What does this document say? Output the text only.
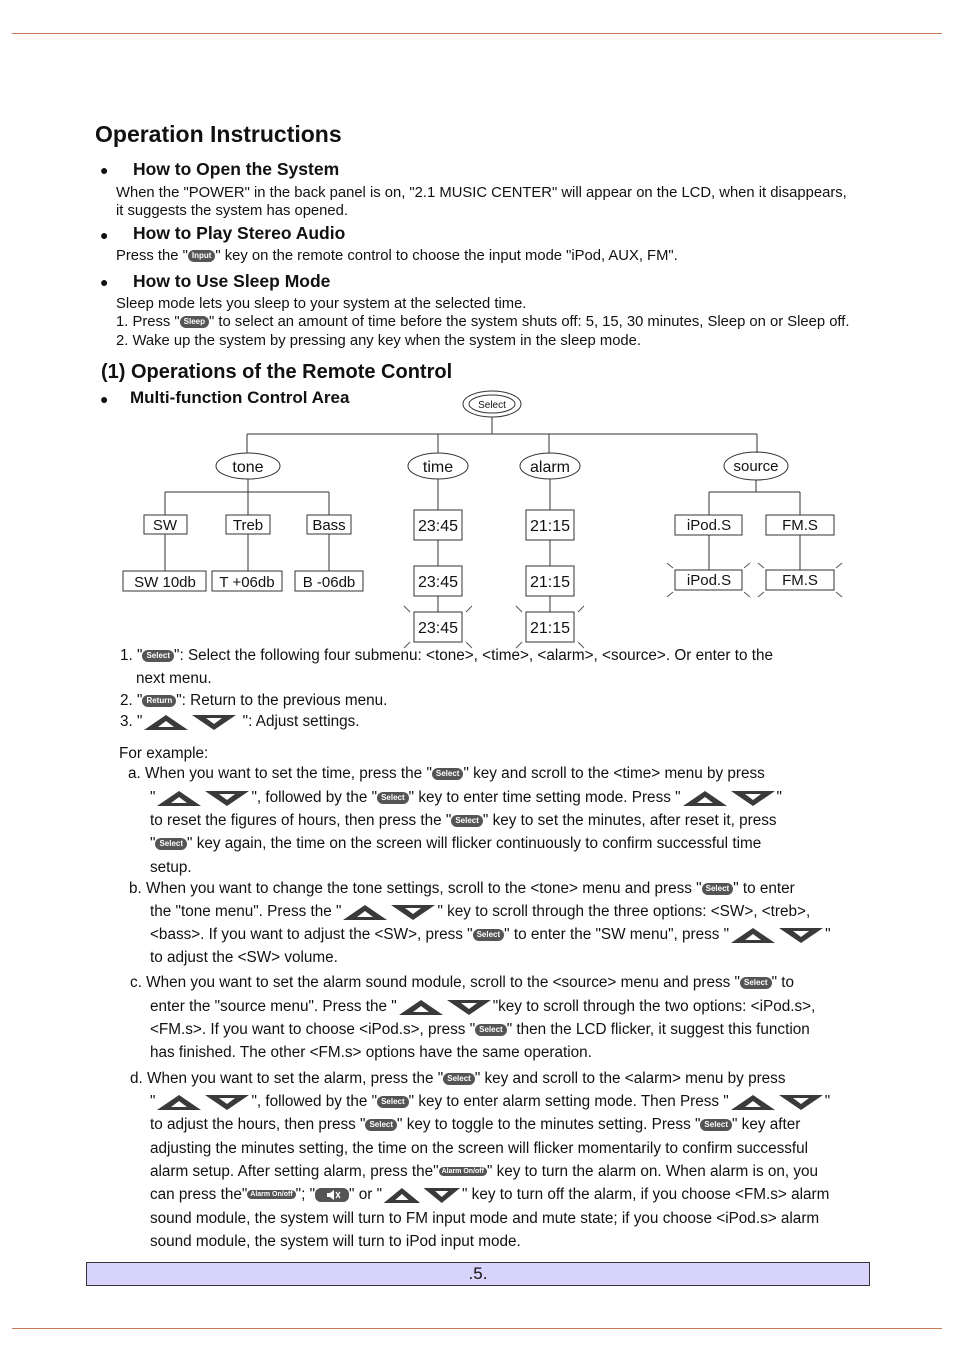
Operation Instructions
● How to Open the System
When the "POWER" in the back panel is on, "2.1 MUSIC CENTER" will appear on the LCD, when it disappears,
it suggests the system has opened.
● How to Play Stereo Audio
Press the " Input " key on the remote control to choose the input mode "iPod, AUX, FM".
● How to Use Sleep Mode
Sleep mode lets you sleep to your system at the selected time.
1. Press " Sleep " to select an amount of time before the system shuts off: 5, 15, 30 minutes, Sleep on or Sleep off.
2. Wake up the system by pressing any key when the system in the sleep mode.
(1) Operations of the Remote Control
● Multi-function Control Area	Select
tone	time	alarm	source
SW	Treb	Bass
SW 10db T +06db B -06db
23:45
23:45
23:45
21:15
21:15
21:15
iPod.S	FM.S
iPod.S	FM.S
1. " Select ": Select the following four submenu: <tone>, <time>, <alarm>, <source>. Or enter to the
next menu.
2. " Return ": Return to the previous menu.
3. "	": Adjust settings.
For example:
a. When you want to set the time, press the " Select " key and scroll to the <time> menu by press
"	", followed by the " Select " key to enter time setting mode. Press "	"
to reset the figures of hours, then press the " Select " key to set the minutes, after reset it, press
" Select " key again, the time on the screen will flicker continuously to confirm successful time
setup.
b. When you want to change the tone settings, scroll to the <tone> menu and press " Select " to enter
the "tone menu". Press the "	" key to scroll through the three options: <SW>, <treb>,
<bass>. If you want to adjust the <SW>, press " Select " to enter the "SW menu", press "	"
to adjust the <SW> volume.
c. When you want to set the alarm sound module, scroll to the <source> menu and press " Select " to
enter the "source menu". Press the "	"key to scroll through the two options: <iPod.s>,
<FM.s>. If you want to choose <iPod.s>, press " Select " then the LCD flicker, it suggest this function
has finished. The other <FM.s> options have the same operation.
d. When you want to set the alarm, press the " Select " key and scroll to the <alarm> menu by press
"	", followed by the " Select " key to enter alarm setting mode. Then Press "	"
to adjust the hours, then press " Select " key to toggle to the minutes setting. Press " Select " key after
adjusting the minutes setting, the time on the screen will flicker momentarily to confirm successful
alarm setup. After setting alarm, press the" Alarm On/off " key to turn the alarm on. When alarm is on, you
can press the" Alarm On/off "; " " or "	" key to turn off the alarm, if you choose <FM.s> alarm
sound module, the system will turn to FM input mode and mute state; if you choose <iPod.s> alarm
sound module, the system will turn to iPod input mode.
.5.
